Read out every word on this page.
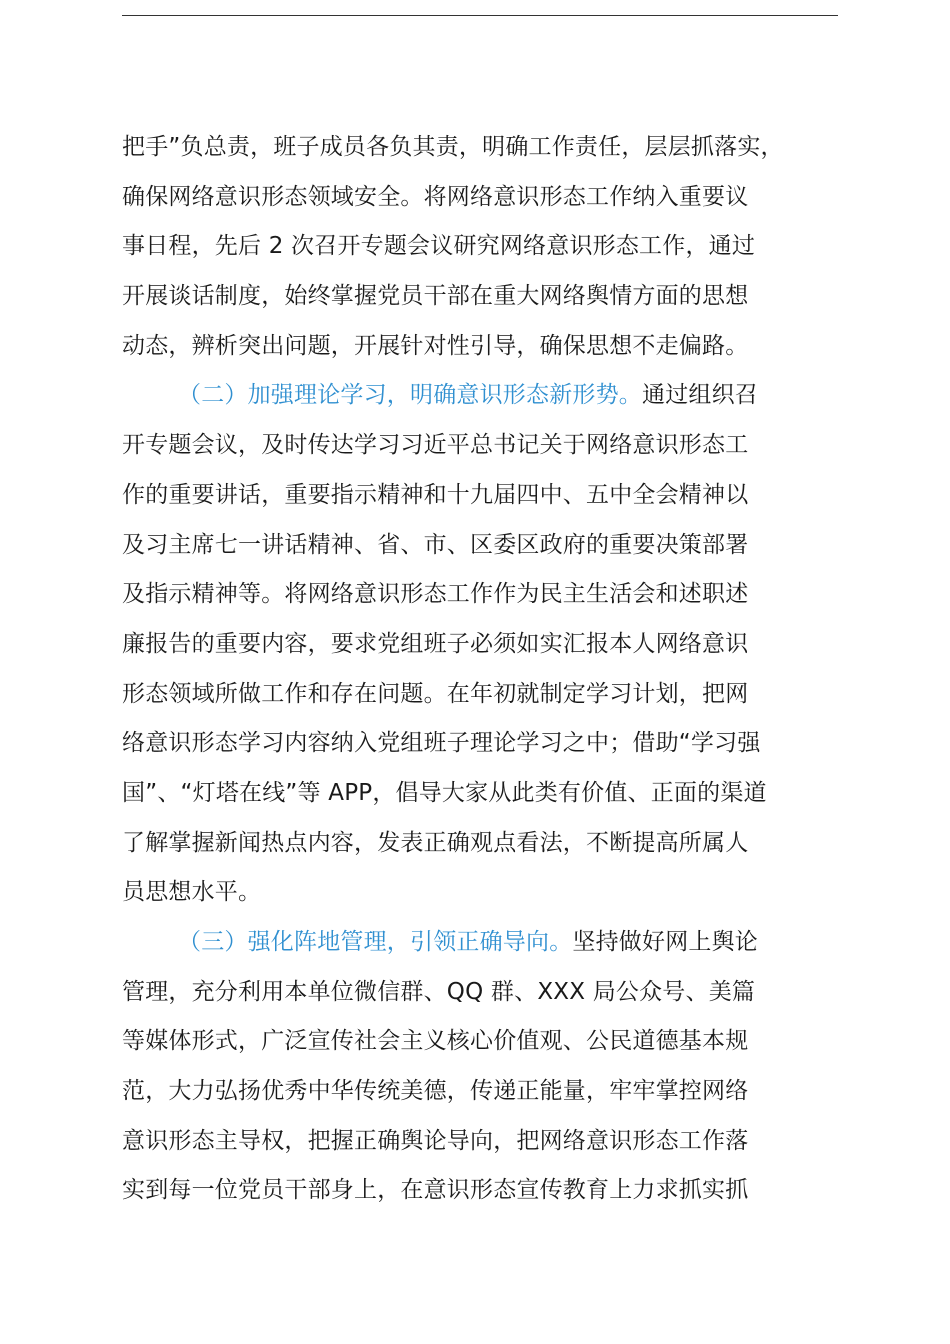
把手”负总责，班子成员各负其责，明确工作责任，层层抓落实，
确保网络意识形态领域安全。将网络意识形态工作纳入重要议
事日程，先后 2 次召开专题会议研究网络意识形态工作，通过
开展谈话制度，始终掌握党员干部在重大网络舆情方面的思想
动态，辨析突出问题，开展针对性引导，确保思想不走偏路。
（二）加强理论学习，明确意识形态新形势。通过组织召
开专题会议，及时传达学习习近平总书记关于网络意识形态工
作的重要讲话，重要指示精神和十九届四中、五中全会精神以
及习主席七一讲话精神、省、市、区委区政府的重要决策部署
及指示精神等。将网络意识形态工作作为民主生活会和述职述
廉报告的重要内容，要求党组班子必须如实汇报本人网络意识
形态领域所做工作和存在问题。在年初就制定学习计划，把网
络意识形态学习内容纳入党组班子理论学习之中；借助“学习强
国”、“灯塔在线”等 APP，倡导大家从此类有价值、正面的渠道
了解掌握新闻热点内容，发表正确观点看法，不断提高所属人
员思想水平。
（三）强化阵地管理，引领正确导向。坚持做好网上舆论
管理，充分利用本单位微信群、QQ 群、XXX 局公众号、美篇
等媒体形式，广泛宣传社会主义核心价值观、公民道德基本规
范，大力弘扬优秀中华传统美德，传递正能量，牢牢掌控网络
意识形态主导权，把握正确舆论导向，把网络意识形态工作落
实到每一位党员干部身上，在意识形态宣传教育上力求抓实抓
